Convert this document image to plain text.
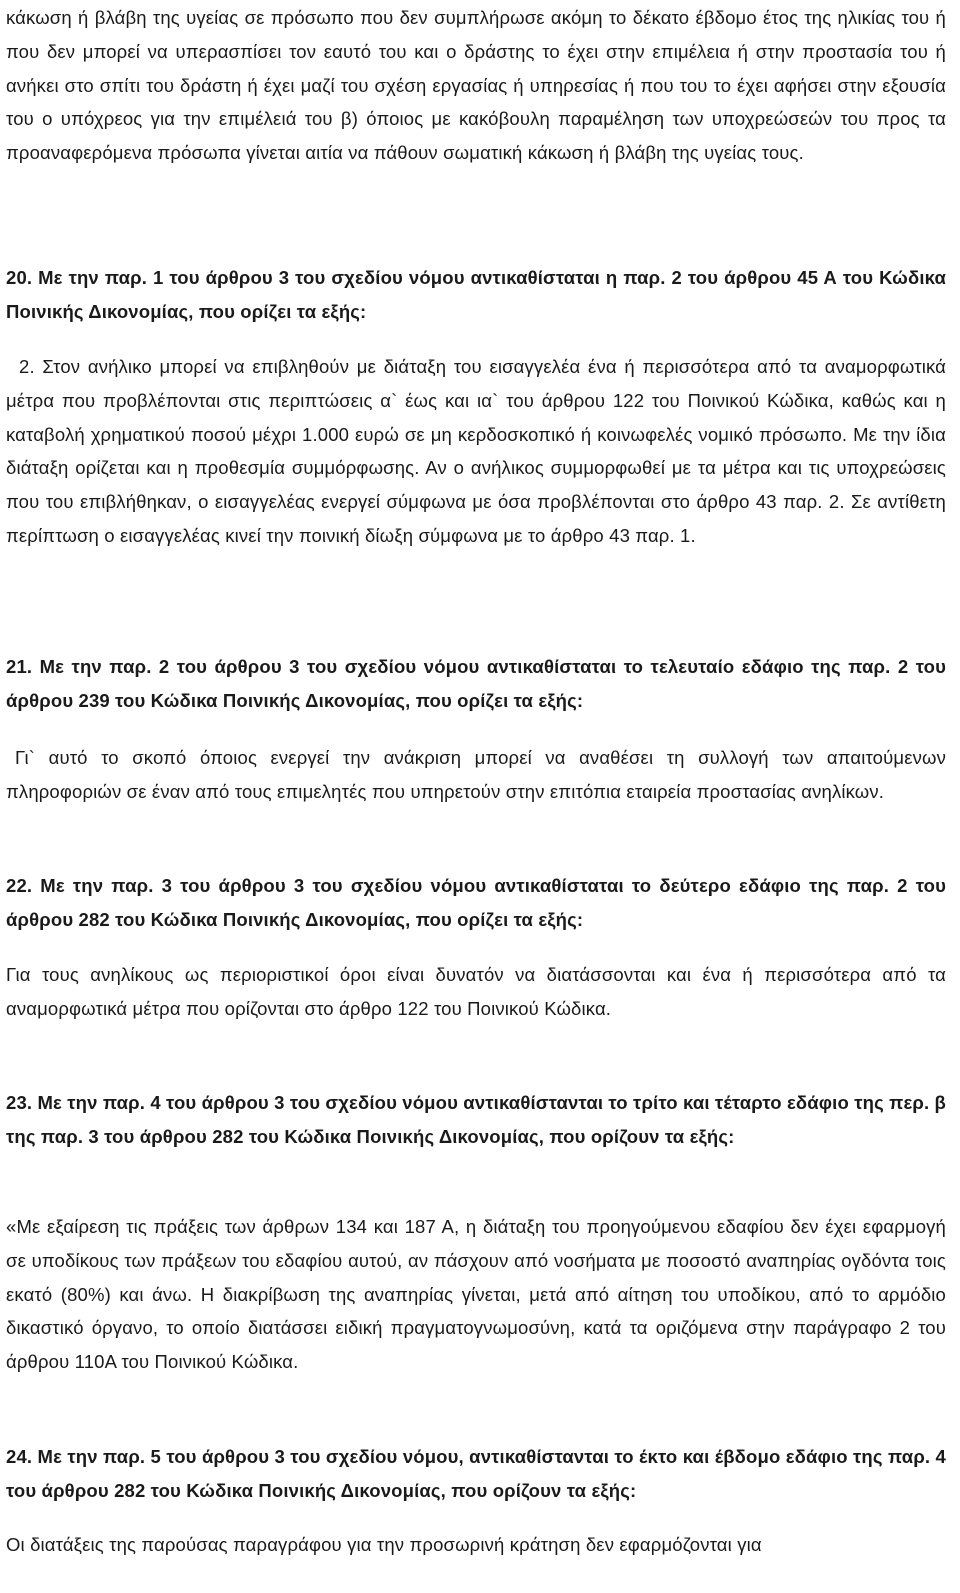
κάκωση ή βλάβη της υγείας σε πρόσωπο που δεν συμπλήρωσε ακόμη το δέκατο έβδομο έτος της ηλικίας του ή που δεν μπορεί να υπερασπίσει τον εαυτό του και ο δράστης το έχει στην επιμέλεια ή στην προστασία του ή ανήκει στο σπίτι του δράστη ή έχει μαζί του σχέση εργασίας ή υπηρεσίας ή που του το έχει αφήσει στην εξουσία του ο υπόχρεος για την επιμέλειά του β) όποιος με κακόβουλη παραμέληση των υποχρεώσεών του προς τα προαναφερόμενα πρόσωπα γίνεται αιτία να πάθουν σωματική κάκωση ή βλάβη της υγείας τους.

20. Με την παρ. 1 του άρθρου 3 του σχεδίου νόμου αντικαθίσταται η παρ. 2 του άρθρου 45 Α του Κώδικα Ποινικής Δικονομίας, που ορίζει τα εξής:

2. Στον ανήλικο μπορεί να επιβληθούν με διάταξη του εισαγγελέα ένα ή περισσότερα από τα αναμορφωτικά μέτρα που προβλέπονται στις περιπτώσεις α` έως και ια` του άρθρου 122 του Ποινικού Κώδικα, καθώς και η καταβολή χρηματικού ποσού μέχρι 1.000 ευρώ σε μη κερδοσκοπικό ή κοινωφελές νομικό πρόσωπο. Με την ίδια διάταξη ορίζεται και η προθεσμία συμμόρφωσης. Αν ο ανήλικος συμμορφωθεί με τα μέτρα και τις υποχρεώσεις που του επιβλήθηκαν, ο εισαγγελέας ενεργεί σύμφωνα με όσα προβλέπονται στο άρθρο 43 παρ. 2. Σε αντίθετη περίπτωση ο εισαγγελέας κινεί την ποινική δίωξη σύμφωνα με το άρθρο 43 παρ. 1.

21. Με την παρ. 2 του άρθρου 3 του σχεδίου νόμου αντικαθίσταται το τελευταίο εδάφιο της παρ. 2 του άρθρου 239 του Κώδικα Ποινικής Δικονομίας, που ορίζει τα εξής:

Γι` αυτό το σκοπό όποιος ενεργεί την ανάκριση μπορεί να αναθέσει τη συλλογή των απαιτούμενων πληροφοριών σε έναν από τους επιμελητές που υπηρετούν στην επιτόπια εταιρεία προστασίας ανηλίκων.

22. Με την παρ. 3 του άρθρου 3 του σχεδίου νόμου αντικαθίσταται το δεύτερο εδάφιο της παρ. 2 του άρθρου 282 του Κώδικα Ποινικής Δικονομίας, που ορίζει τα εξής:

Για τους ανηλίκους ως περιοριστικοί όροι είναι δυνατόν να διατάσσονται και ένα ή περισσότερα από τα αναμορφωτικά μέτρα που ορίζονται στο άρθρο 122 του Ποινικού Κώδικα.

23. Με την παρ. 4 του άρθρου 3 του σχεδίου νόμου αντικαθίστανται το τρίτο και τέταρτο εδάφιο της περ. β της παρ. 3 του άρθρου 282 του Κώδικα Ποινικής Δικονομίας, που ορίζουν τα εξής:

«Με εξαίρεση τις πράξεις των άρθρων 134 και 187 Α, η διάταξη του προηγούμενου εδαφίου δεν έχει εφαρμογή σε υποδίκους των πράξεων του εδαφίου αυτού, αν πάσχουν από νοσήματα με ποσοστό αναπηρίας ογδόντα τοις εκατό (80%) και άνω. Η διακρίβωση της αναπηρίας γίνεται, μετά από αίτηση του υποδίκου, από το αρμόδιο δικαστικό όργανο, το οποίο διατάσσει ειδική πραγματογνωμοσύνη, κατά τα οριζόμενα στην παράγραφο 2 του άρθρου 110Α του Ποινικού Κώδικα.

24. Με την παρ. 5 του άρθρου 3 του σχεδίου νόμου, αντικαθίστανται το έκτο και έβδομο εδάφιο της παρ. 4 του άρθρου 282 του Κώδικα Ποινικής Δικονομίας, που ορίζουν τα εξής:

Οι διατάξεις της παρούσας παραγράφου για την προσωρινή κράτηση δεν εφαρμόζονται για
